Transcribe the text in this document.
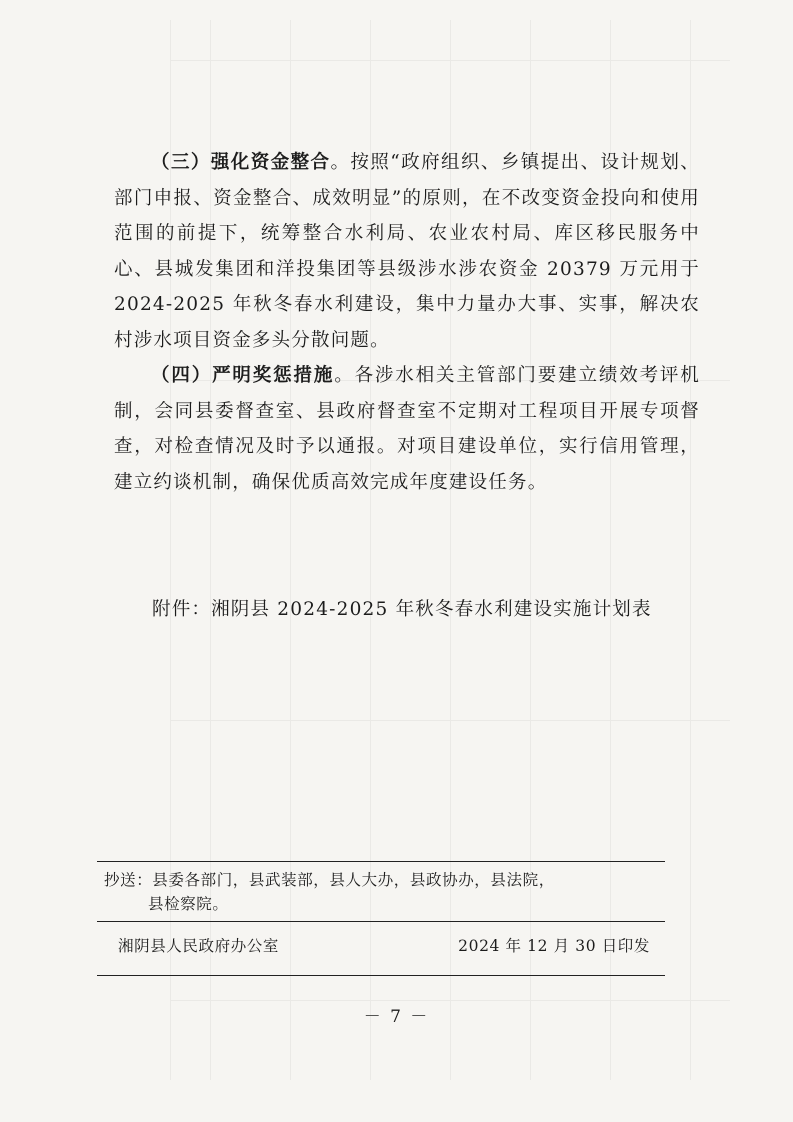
（三）强化资金整合。按照“政府组织、乡镇提出、设计规划、部门申报、资金整合、成效明显”的原则，在不改变资金投向和使用范围的前提下，统筹整合水利局、农业农村局、库区移民服务中心、县城发集团和洋投集团等县级涉水涉农资金 20379 万元用于 2024-2025 年秋冬春水利建设，集中力量办大事、实事，解决农村涉水项目资金多头分散问题。

（四）严明奖惩措施。各涉水相关主管部门要建立绩效考评机制，会同县委督查室、县政府督查室不定期对工程项目开展专项督查，对检查情况及时予以通报。对项目建设单位，实行信用管理，建立约谈机制，确保优质高效完成年度建设任务。

附件：湘阴县 2024-2025 年秋冬春水利建设实施计划表
抄送：县委各部门，县武装部，县人大办，县政协办，县法院，
县检察院。
湘阴县人民政府办公室	2024 年 12 月 30 日印发
－ 7 －
